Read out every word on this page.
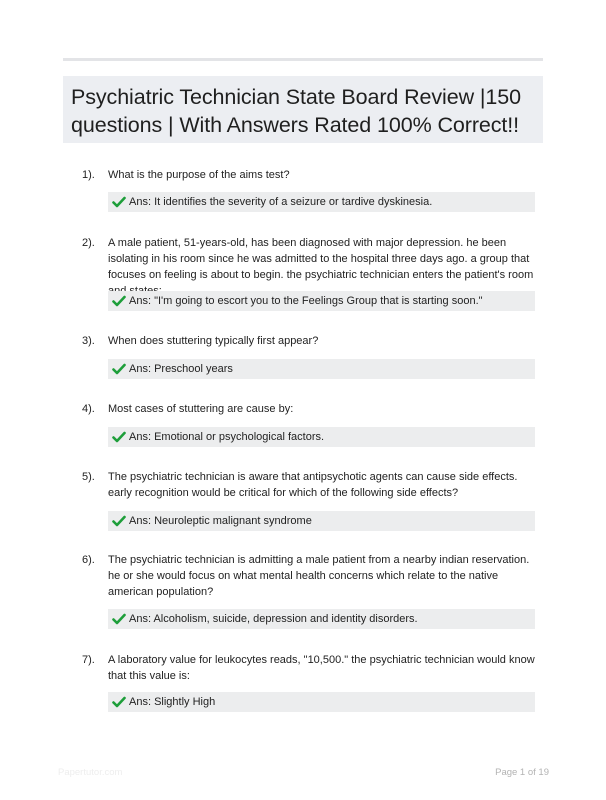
Psychiatric Technician State Board Review |150 questions | With Answers Rated 100% Correct!!
1). What is the purpose of the aims test?
Ans: It identifies the severity of a seizure or tardive dyskinesia.
2). A male patient, 51-years-old, has been diagnosed with major depression. he been isolating in his room since he was admitted to the hospital three days ago. a group that focuses on feeling is about to begin. the psychiatric technician enters the patient's room
Ans: "I'm going to escort you to the Feelings Group that is starting soon."
3). When does stuttering typically first appear?
Ans: Preschool years
4). Most cases of stuttering are cause by:
Ans: Emotional or psychological factors.
5). The psychiatric technician is aware that antipsychotic agents can cause side effects. early recognition would be critical for which of the following side effects?
Ans: Neuroleptic malignant syndrome
6). The psychiatric technician is admitting a male patient from a nearby indian reservation. he or she would focus on what mental health concerns which relate to the native american population?
Ans: Alcoholism, suicide, depression and identity disorders.
7). A laboratory value for leukocytes reads, "10,500." the psychiatric technician would know that this value is:
Ans: Slightly High
Papertutor.com	Page 1 of 19
